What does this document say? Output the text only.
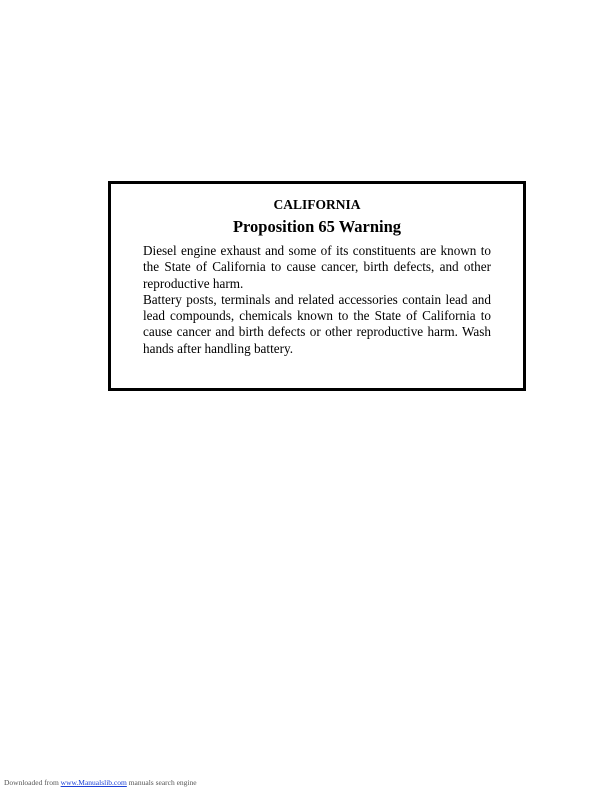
CALIFORNIA
Proposition 65 Warning

Diesel engine exhaust and some of its constituents are known to the State of California to cause cancer, birth defects, and other reproductive harm.

Battery posts, terminals and related accessories contain lead and lead compounds, chemicals known to the State of California to cause cancer and birth defects or other reproductive harm. Wash hands after handling battery.

Downloaded from www.Manualslib.com manuals search engine
